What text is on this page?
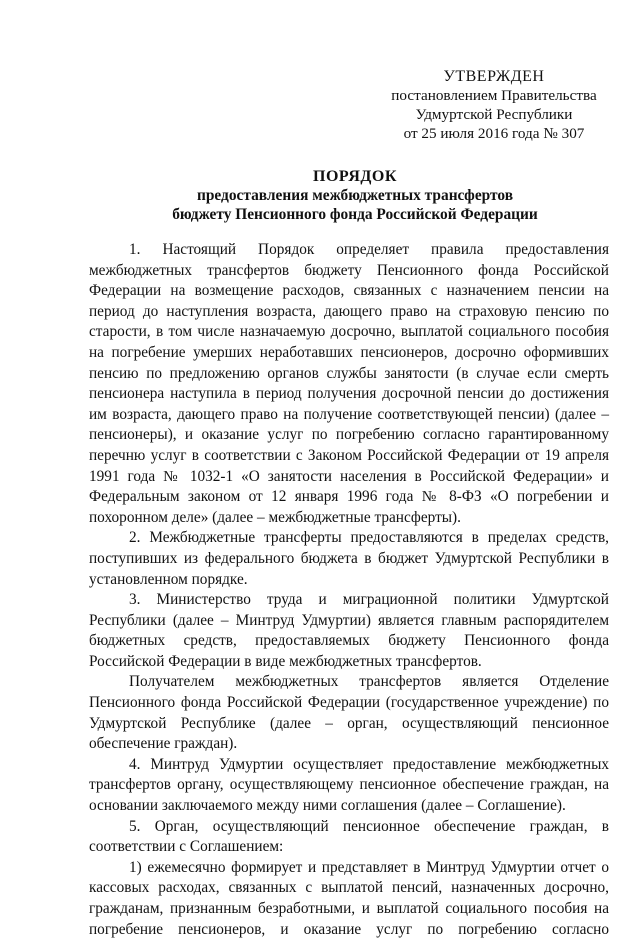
УТВЕРЖДЕН
постановлением Правительства
Удмуртской Республики
от 25 июля 2016 года № 307
ПОРЯДОК
предоставления межбюджетных трансфертов
бюджету Пенсионного фонда Российской Федерации

1. Настоящий Порядок определяет правила предоставления межбюджетных трансфертов бюджету Пенсионного фонда Российской Федерации на возмещение расходов, связанных с назначением пенсии на период до наступления возраста, дающего право на страховую пенсию по старости, в том числе назначаемую досрочно, выплатой социального пособия на погребение умерших неработавших пенсионеров, досрочно оформивших пенсию по предложению органов службы занятости (в случае если смерть пенсионера наступила в период получения досрочной пенсии до достижения им возраста, дающего право на получение соответствующей пенсии) (далее – пенсионеры), и оказание услуг по погребению согласно гарантированному перечню услуг в соответствии с Законом Российской Федерации от 19 апреля 1991 года № 1032-1 «О занятости населения в Российской Федерации» и Федеральным законом от 12 января 1996 года № 8-ФЗ «О погребении и похоронном деле» (далее – межбюджетные трансферты).

2. Межбюджетные трансферты предоставляются в пределах средств, поступивших из федерального бюджета в бюджет Удмуртской Республики в установленном порядке.

3. Министерство труда и миграционной политики Удмуртской Республики (далее – Минтруд Удмуртии) является главным распорядителем бюджетных средств, предоставляемых бюджету Пенсионного фонда Российской Федерации в виде межбюджетных трансфертов.

Получателем межбюджетных трансфертов является Отделение Пенсионного фонда Российской Федерации (государственное учреждение) по Удмуртской Республике (далее – орган, осуществляющий пенсионное обеспечение граждан).

4. Минтруд Удмуртии осуществляет предоставление межбюджетных трансфертов органу, осуществляющему пенсионное обеспечение граждан, на основании заключаемого между ними соглашения (далее – Соглашение).

5. Орган, осуществляющий пенсионное обеспечение граждан, в соответствии с Соглашением:

1) ежемесячно формирует и представляет в Минтруд Удмуртии отчет о кассовых расходах, связанных с выплатой пенсий, назначенных досрочно, гражданам, признанным безработными, и выплатой социального пособия на погребение пенсионеров, и оказание услуг по погребению согласно
